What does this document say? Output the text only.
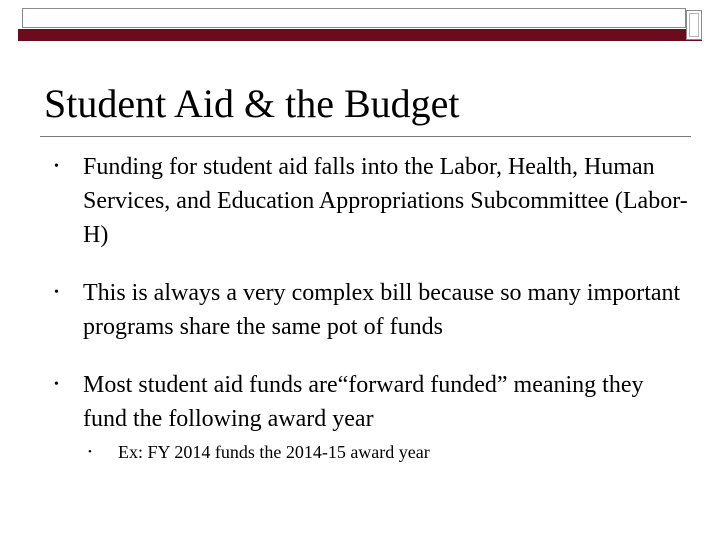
Student Aid & the Budget
• Funding for student aid falls into the Labor, Health, Human Services, and Education Appropriations Subcommittee (Labor-H)
• This is always a very complex bill because so many important programs share the same pot of funds
• Most student aid funds are“forward funded” meaning they fund the following award year
• Ex: FY 2014 funds the 2014-15 award year
